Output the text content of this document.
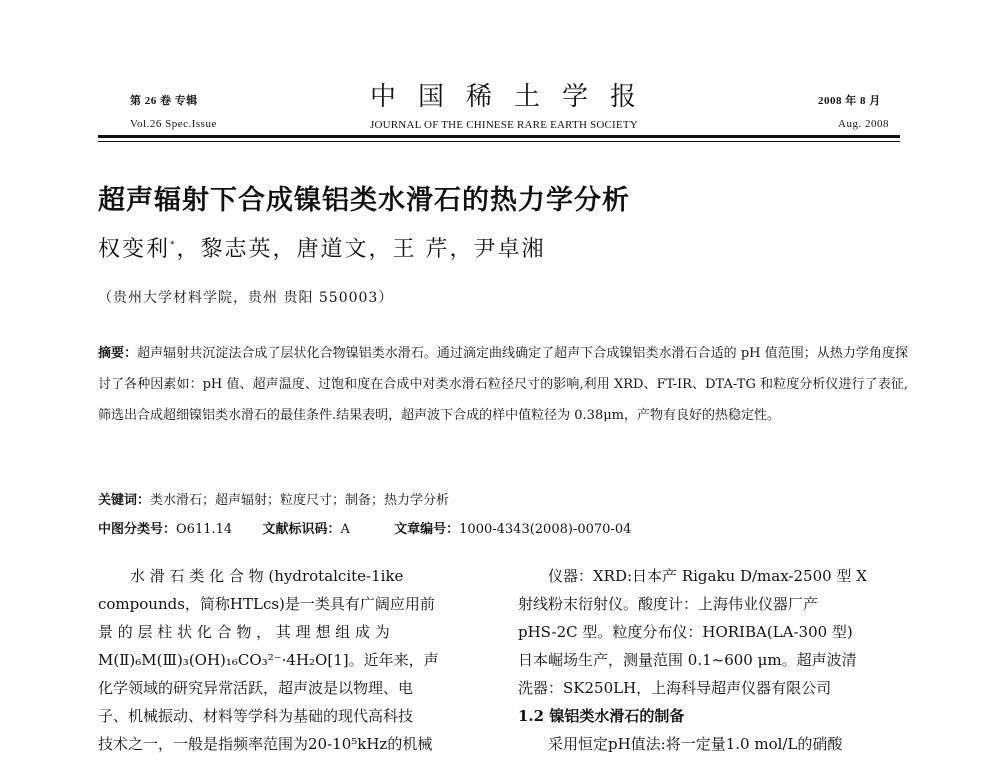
第 26 卷 专辑	中国稀土学报	2008 年 8 月
Vol.26 Spec.Issue	JOURNAL OF THE CHINESE RARE EARTH SOCIETY	Aug. 2008
超声辐射下合成镍铝类水滑石的热力学分析
权变利*，黎志英，唐道文，王 芹，尹卓湘
（贵州大学材料学院，贵州 贵阳 550003）
摘要：超声辐射共沉淀法合成了层状化合物镍铝类水滑石。通过滴定曲线确定了超声下合成镍铝类水滑石合适的 pH 值范围；从热力学角度探讨了各种因素如：pH 值、超声温度、过饱和度在合成中对类水滑石粒径尺寸的影响,利用 XRD、FT-IR、DTA-TG 和粒度分析仪进行了表征,筛选出合成超细镍铝类水滑石的最佳条件.结果表明，超声波下合成的样中值粒径为 0.38μm，产物有良好的热稳定性。
关键词：类水滑石；超声辐射；粒度尺寸；制备；热力学分析
中图分类号：O611.14 文献标识码：A	文章编号：1000-4343(2008)-0070-04
水 滑 石 类 化 合 物 (hydrotalcite-1ike
compounds，简称HTLcs)是一类具有广阔应用前
景 的 层 柱 状 化 合 物 ， 其 理 想 组 成 为
M(Ⅱ)₆M(Ⅲ)₃(OH)₁₆CO₃²⁻·4H₂O[1]。近年来，声
化学领域的研究异常活跃，超声波是以物理、电
子、机械振动、材料等学科为基础的现代高科技
技术之一，一般是指频率范围为20-10⁵kHz的机械
仪器：XRD:日本产 Rigaku D/max-2500 型 X
射线粉末衍射仪。酸度计：上海伟业仪器厂产
pHS-2C 型。粒度分布仪：HORIBA(LA-300 型)
日本崛场生产，测量范围 0.1~600 μm。超声波清
洗器：SK250LH，上海科导超声仪器有限公司
1.2 镍铝类水滑石的制备
采用恒定pH值法:将一定量1.0 mol/L的硝酸
